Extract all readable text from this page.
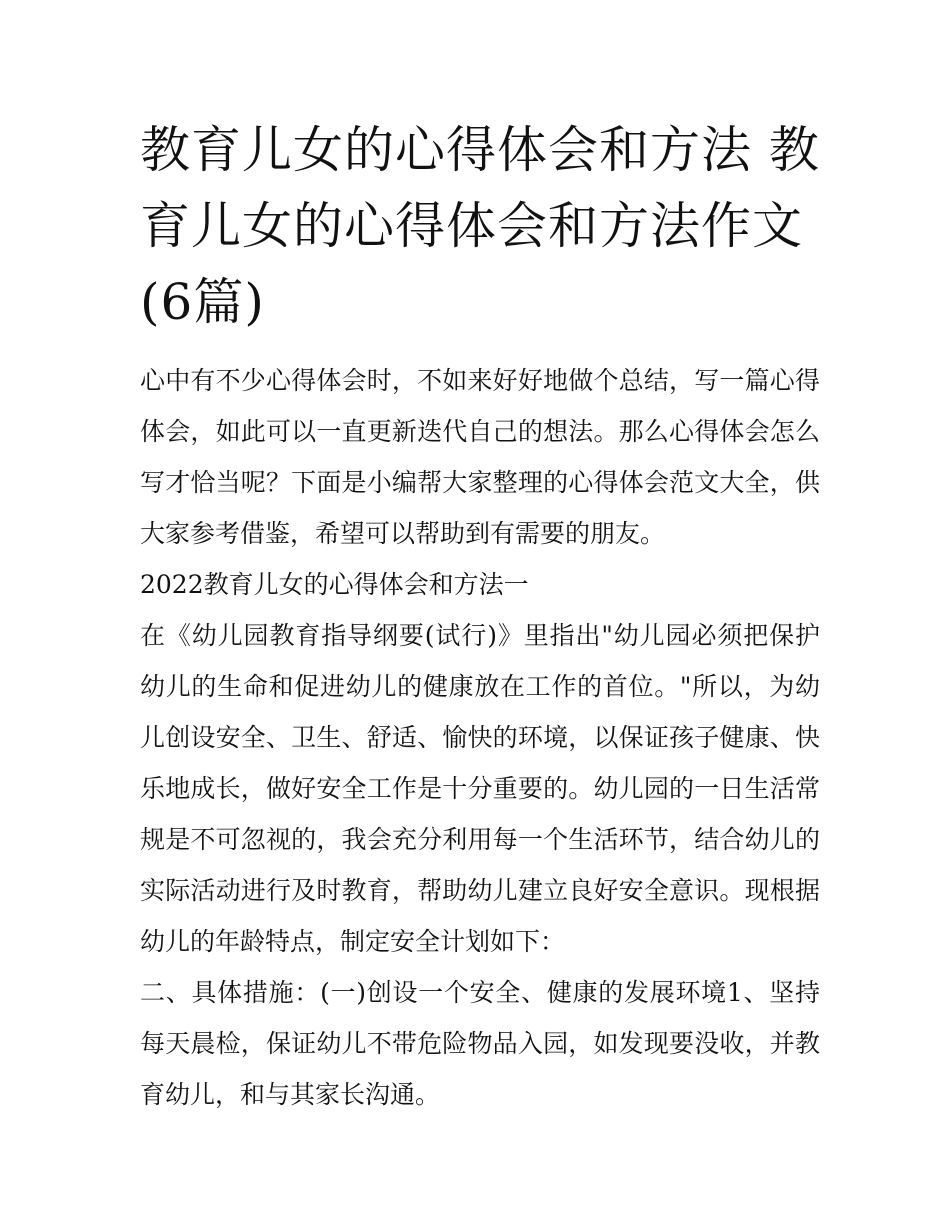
教育儿女的心得体会和方法 教育儿女的心得体会和方法作文(6篇)

心中有不少心得体会时，不如来好好地做个总结，写一篇心得体会，如此可以一直更新迭代自己的想法。那么心得体会怎么写才恰当呢？下面是小编帮大家整理的心得体会范文大全，供大家参考借鉴，希望可以帮助到有需要的朋友。

2022教育儿女的心得体会和方法一

在《幼儿园教育指导纲要(试行)》里指出"幼儿园必须把保护幼儿的生命和促进幼儿的健康放在工作的首位。"所以，为幼儿创设安全、卫生、舒适、愉快的环境，以保证孩子健康、快乐地成长，做好安全工作是十分重要的。幼儿园的一日生活常规是不可忽视的，我会充分利用每一个生活环节，结合幼儿的实际活动进行及时教育，帮助幼儿建立良好安全意识。现根据幼儿的年龄特点，制定安全计划如下：

二、具体措施：(一)创设一个安全、健康的发展环境1、坚持每天晨检，保证幼儿不带危险物品入园，如发现要没收，并教育幼儿，和与其家长沟通。
